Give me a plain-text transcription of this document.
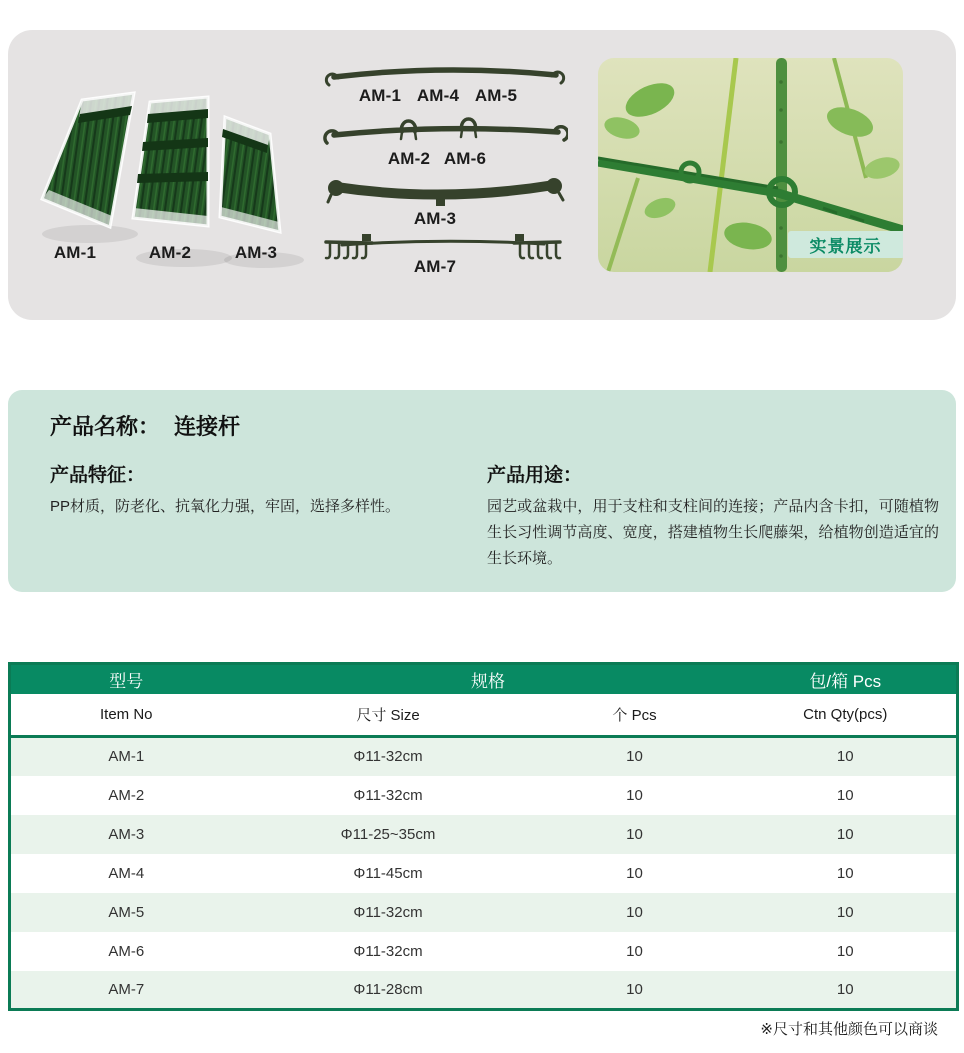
AM-1	AM-2	AM-3
AM-1 AM-4 AM-5
AM-2 AM-6
AM-3
AM-7
实景展示
产品名称： 连接杆
产品特征：
PP材质，防老化、抗氧化力强，牢固，选择多样性。
产品用途：
园艺或盆栽中，用于支柱和支柱间的连接；产品内含卡扣，可随植物生长习性调节高度、宽度，搭建植物生长爬藤架，给植物创造适宜的生长环境。
型号	规格		包/箱 Pcs
Item No	尺寸 Size	个 Pcs	Ctn Qty(pcs)
AM-1	Φ11-32cm	10	10
AM-2	Φ11-32cm	10	10
AM-3	Φ11-25~35cm	10	10
AM-4	Φ11-45cm	10	10
AM-5	Φ11-32cm	10	10
AM-6	Φ11-32cm	10	10
AM-7	Φ11-28cm	10	10
※尺寸和其他颜色可以商谈
